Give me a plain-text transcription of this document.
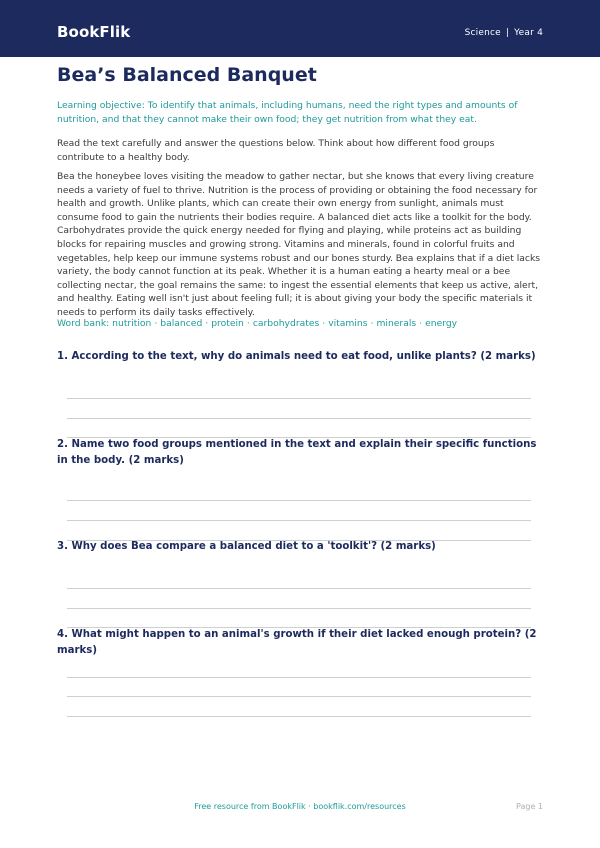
BookFlik	Science | Year 4
Bea’s Balanced Banquet
Learning objective: To identify that animals, including humans, need the right types and amounts of nutrition, and that they cannot make their own food; they get nutrition from what they eat.
Read the text carefully and answer the questions below. Think about how different food groups contribute to a healthy body.
Bea the honeybee loves visiting the meadow to gather nectar, but she knows that every living creature needs a variety of fuel to thrive. Nutrition is the process of providing or obtaining the food necessary for health and growth. Unlike plants, which can create their own energy from sunlight, animals must consume food to gain the nutrients their bodies require. A balanced diet acts like a toolkit for the body. Carbohydrates provide the quick energy needed for flying and playing, while proteins act as building blocks for repairing muscles and growing strong. Vitamins and minerals, found in colorful fruits and vegetables, help keep our immune systems robust and our bones sturdy. Bea explains that if a diet lacks variety, the body cannot function at its peak. Whether it is a human eating a hearty meal or a bee collecting nectar, the goal remains the same: to ingest the essential elements that keep us active, alert, and healthy. Eating well isn't just about feeling full; it is about giving your body the specific materials it needs to perform its daily tasks effectively.
Word bank: nutrition · balanced · protein · carbohydrates · vitamins · minerals · energy
1. According to the text, why do animals need to eat food, unlike plants? (2 marks)
2. Name two food groups mentioned in the text and explain their specific functions in the body. (2 marks)
3. Why does Bea compare a balanced diet to a 'toolkit'? (2 marks)
4. What might happen to an animal's growth if their diet lacked enough protein? (2 marks)
Free resource from BookFlik · bookflik.com/resources	Page 1
